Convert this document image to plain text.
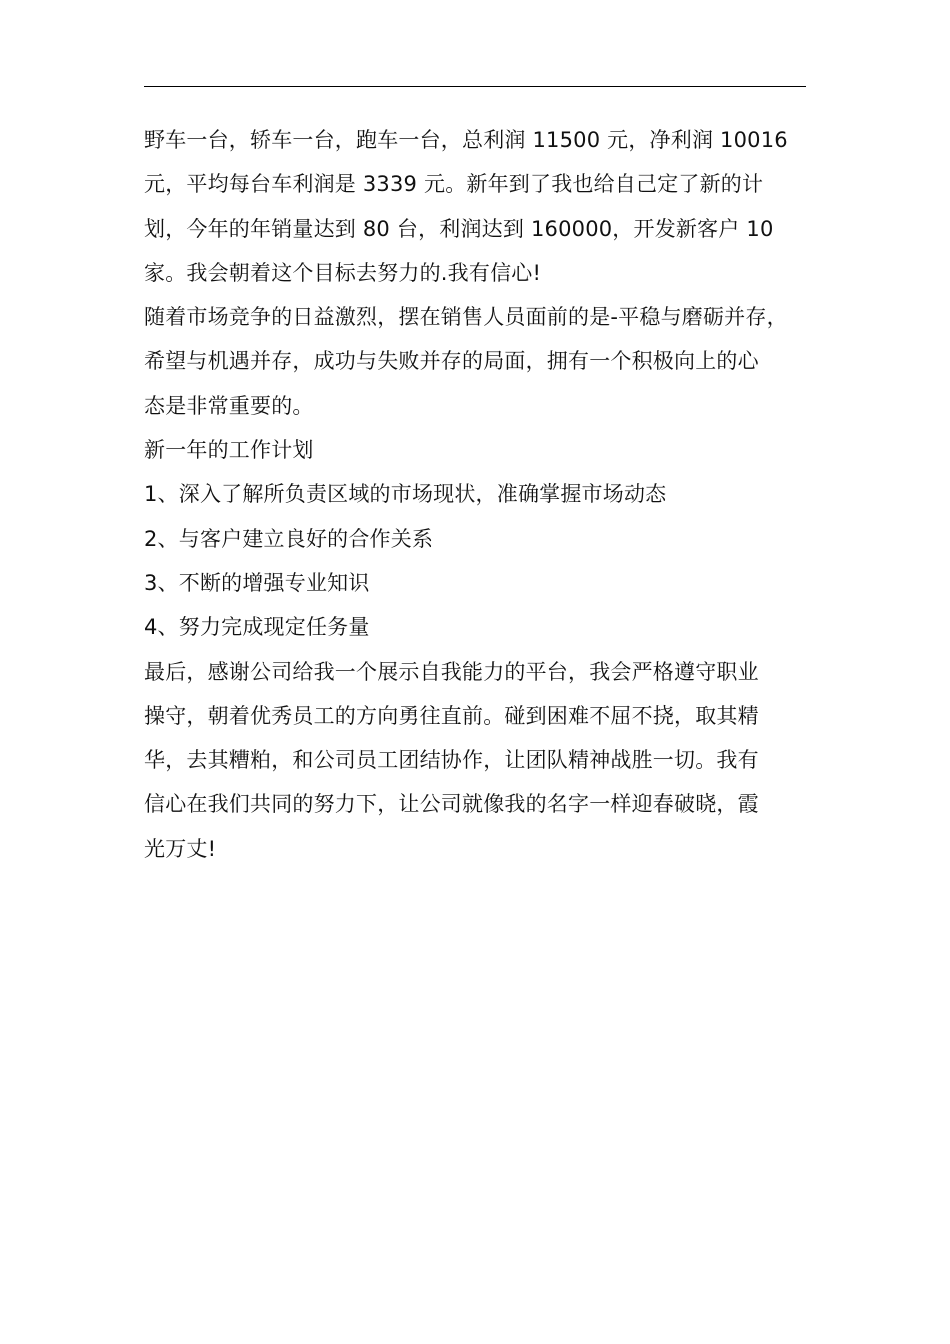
野车一台，轿车一台，跑车一台，总利润 11500 元，净利润 10016
元，平均每台车利润是 3339 元。新年到了我也给自己定了新的计
划，今年的年销量达到 80 台，利润达到 160000，开发新客户 10
家。我会朝着这个目标去努力的.我有信心!
随着市场竞争的日益激烈，摆在销售人员面前的是-平稳与磨砺并存，
希望与机遇并存，成功与失败并存的局面，拥有一个积极向上的心
态是非常重要的。
新一年的工作计划
1、深入了解所负责区域的市场现状，准确掌握市场动态
2、与客户建立良好的合作关系
3、不断的增强专业知识
4、努力完成现定任务量
最后，感谢公司给我一个展示自我能力的平台，我会严格遵守职业
操守，朝着优秀员工的方向勇往直前。碰到困难不屈不挠，取其精
华，去其糟粕，和公司员工团结协作，让团队精神战胜一切。我有
信心在我们共同的努力下，让公司就像我的名字一样迎春破晓，霞
光万丈!
